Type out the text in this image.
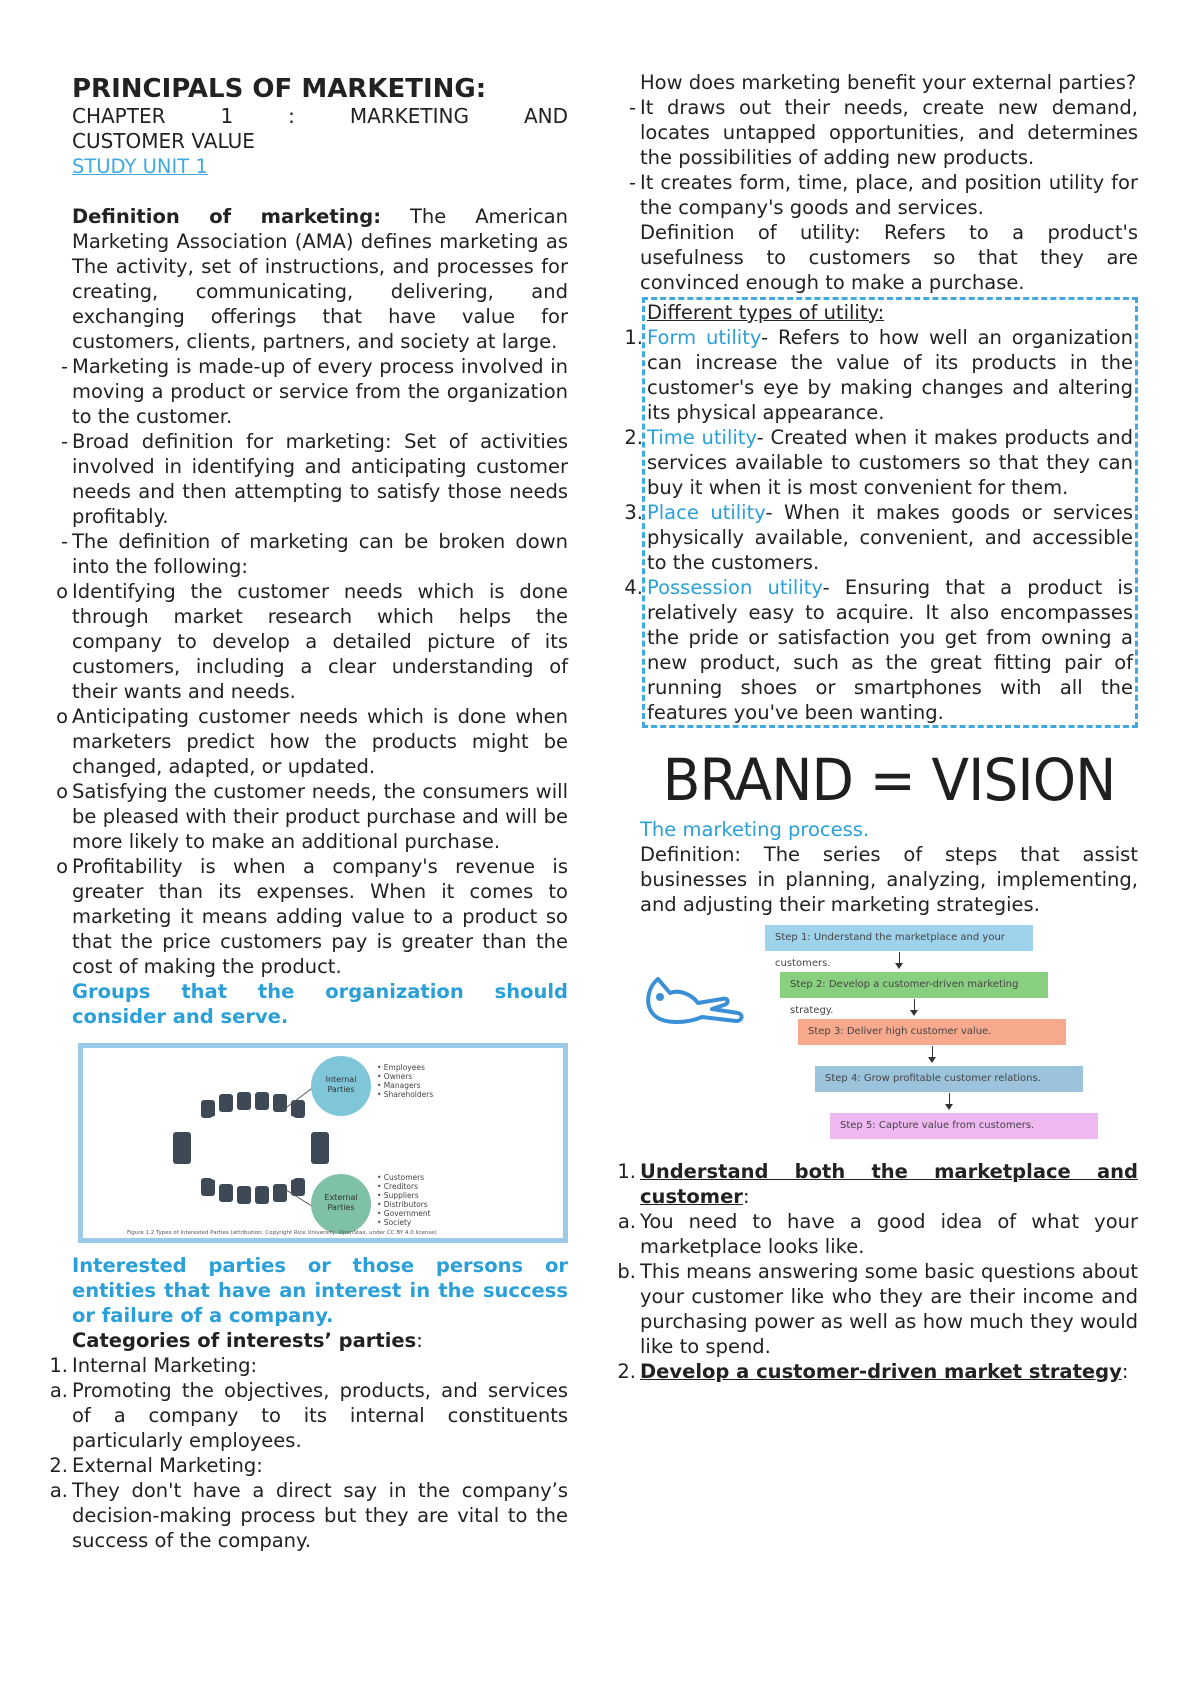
PRINCIPALS OF MARKETING:
CHAPTER 1 : MARKETING AND
CUSTOMER VALUE
STUDY UNIT 1

Definition of marketing: The American Marketing Association (AMA) defines marketing as The activity, set of instructions, and processes for creating, communicating, delivering, and exchanging offerings that have value for customers, clients, partners, and society at large.

- Marketing is made-up of every process involved in moving a product or service from the organization to the customer.
- Broad definition for marketing: Set of activities involved in identifying and anticipating customer needs and then attempting to satisfy those needs profitably.
- The definition of marketing can be broken down into the following:
o Identifying the customer needs which is done through market research which helps the company to develop a detailed picture of its customers, including a clear understanding of their wants and needs.
o Anticipating customer needs which is done when marketers predict how the products might be changed, adapted, or updated.
o Satisfying the customer needs, the consumers will be pleased with their product purchase and will be more likely to make an additional purchase.
o Profitability is when a company's revenue is greater than its expenses. When it comes to marketing it means adding value to a product so that the price customers pay is greater than the cost of making the product.

Groups that the organization should consider and serve.

Internal Parties
External Parties
• Employees
• Owners
• Managers
• Shareholders
• Customers
• Creditors
• Suppliers
• Distributors
• Government
• Society
Figure 1.2 Types of Interested Parties (attribution: Copyright Rice University, OpenStax, under CC BY 4.0 license)

Interested parties or those persons or entities that have an interest in the success or failure of a company.

Categories of interests’ parties:

1. Internal Marketing:
a. Promoting the objectives, products, and services of a company to its internal constituents particularly employees.
2. External Marketing:
a. They don't have a direct say in the company’s decision-making process but they are vital to the success of the company.

How does marketing benefit your external parties?

- It draws out their needs, create new demand, locates untapped opportunities, and determines the possibilities of adding new products.
- It creates form, time, place, and position utility for the company's goods and services.

Definition of utility: Refers to a product's usefulness to customers so that they are convinced enough to make a purchase.

Different types of utility:
1. Form utility- Refers to how well an organization can increase the value of its products in the customer's eye by making changes and altering its physical appearance.
2. Time utility- Created when it makes products and services available to customers so that they can buy it when it is most convenient for them.
3. Place utility- When it makes goods or services physically available, convenient, and accessible to the customers.
4. Possession utility- Ensuring that a product is relatively easy to acquire. It also encompasses the pride or satisfaction you get from owning a new product, such as the great fitting pair of running shoes or smartphones with all the features you've been wanting.
BRAND = VISION

The marketing process.

Definition: The series of steps that assist businesses in planning, analyzing, implementing, and adjusting their marketing strategies.

Step 1: Understand the marketplace and your customers.
Step 2: Develop a customer-driven marketing strategy.
Step 3: Deliver high customer value.
Step 4: Grow profitable customer relations.
Step 5: Capture value from customers.
1. Understand both the marketplace and customer:
a. You need to have a good idea of what your marketplace looks like.
b. This means answering some basic questions about your customer like who they are their income and purchasing power as well as how much they would like to spend.
2. Develop a customer-driven market strategy:
